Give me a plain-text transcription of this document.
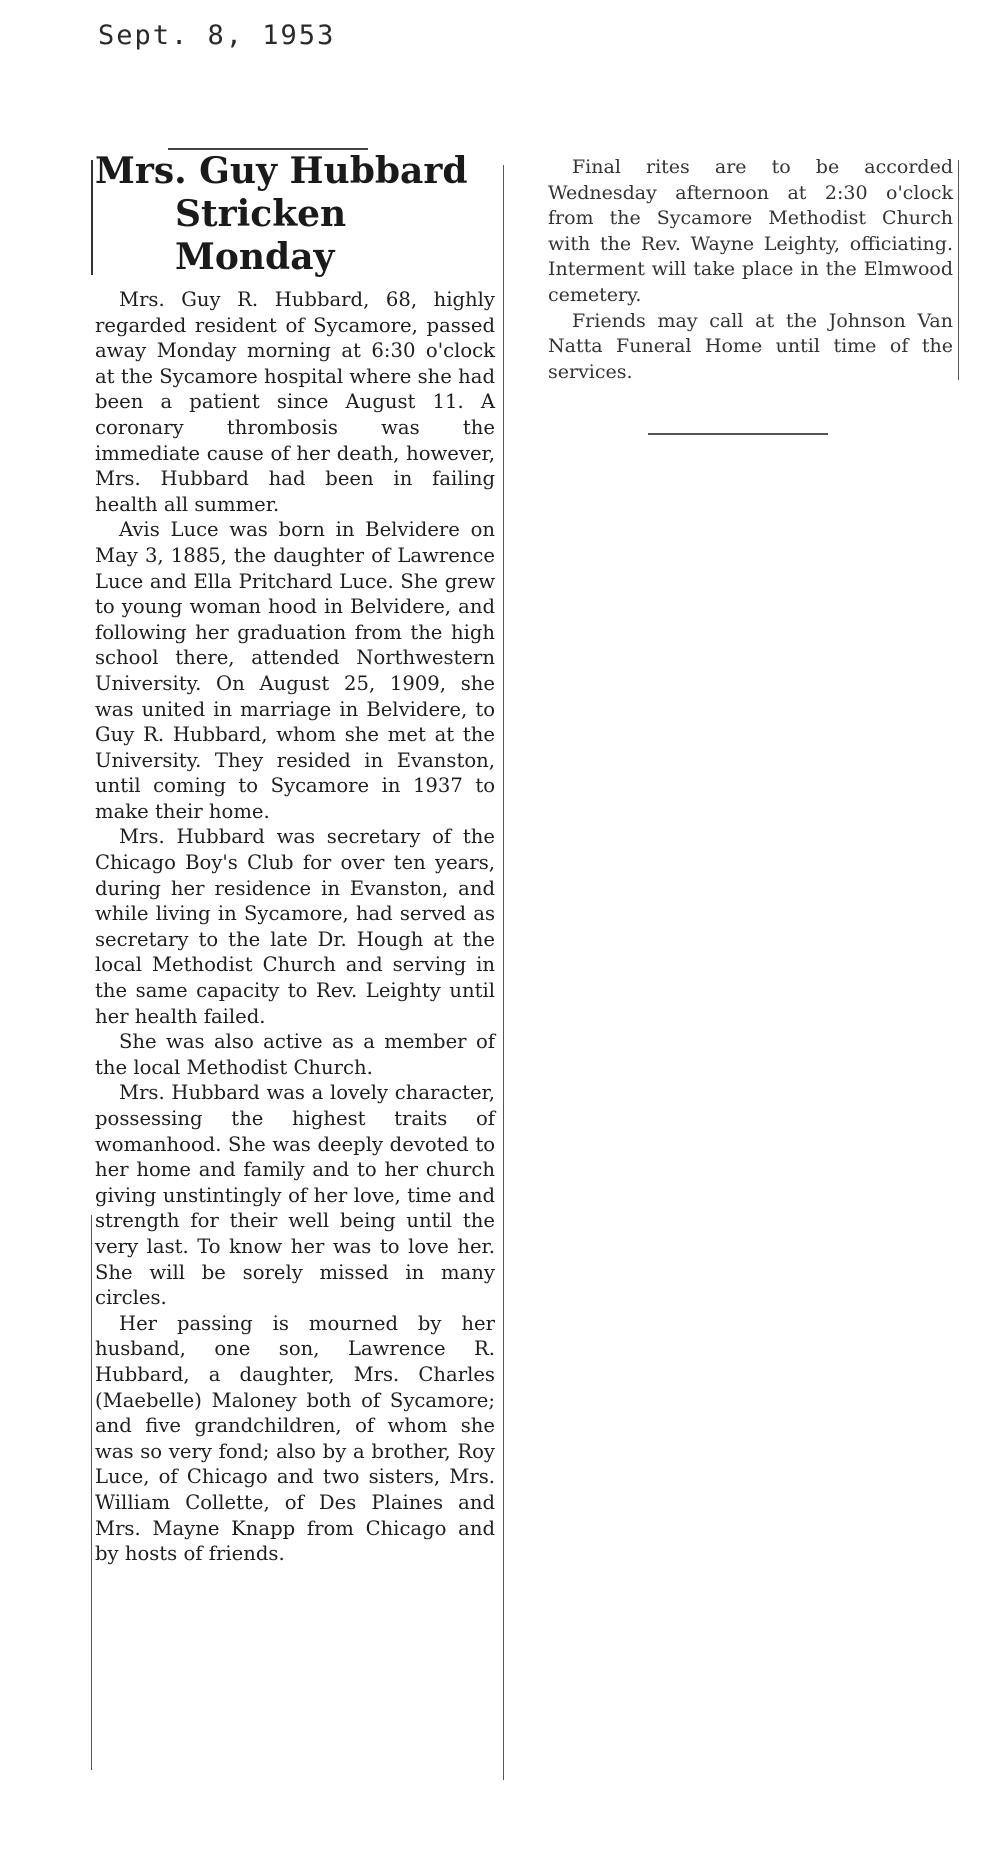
Sept. 8, 1953
Mrs. Guy Hubbard
Stricken Monday

Mrs. Guy R. Hubbard, 68, highly regarded resident of Sycamore, passed away Monday morning at 6:30 o'clock at the Sycamore hospital where she had been a patient since August 11. A coronary thrombosis was the immediate cause of her death, however, Mrs. Hubbard had been in failing health all summer.

Avis Luce was born in Belvidere on May 3, 1885, the daughter of Lawrence Luce and Ella Pritchard Luce. She grew to young woman hood in Belvidere, and following her graduation from the high school there, attended Northwestern University. On August 25, 1909, she was united in marriage in Belvidere, to Guy R. Hubbard, whom she met at the University. They resided in Evanston, until coming to Sycamore in 1937 to make their home.

Mrs. Hubbard was secretary of the Chicago Boy's Club for over ten years, during her residence in Evanston, and while living in Sycamore, had served as secretary to the late Dr. Hough at the local Methodist Church and serving in the same capacity to Rev. Leighty until her health failed.

She was also active as a member of the local Methodist Church.

Mrs. Hubbard was a lovely character, possessing the highest traits of womanhood. She was deeply devoted to her home and family and to her church giving unstintingly of her love, time and strength for their well being until the very last. To know her was to love her. She will be sorely missed in many circles.

Her passing is mourned by her husband, one son, Lawrence R. Hubbard, a daughter, Mrs. Charles (Maebelle) Maloney both of Sycamore; and five grandchildren, of whom she was so very fond; also by a brother, Roy Luce, of Chicago and two sisters, Mrs. William Collette, of Des Plaines and Mrs. Mayne Knapp from Chicago and by hosts of friends.

Final rites are to be accorded Wednesday afternoon at 2:30 o'clock from the Sycamore Methodist Church with the Rev. Wayne Leighty, officiating. Interment will take place in the Elmwood cemetery.

Friends may call at the Johnson Van Natta Funeral Home until time of the services.
